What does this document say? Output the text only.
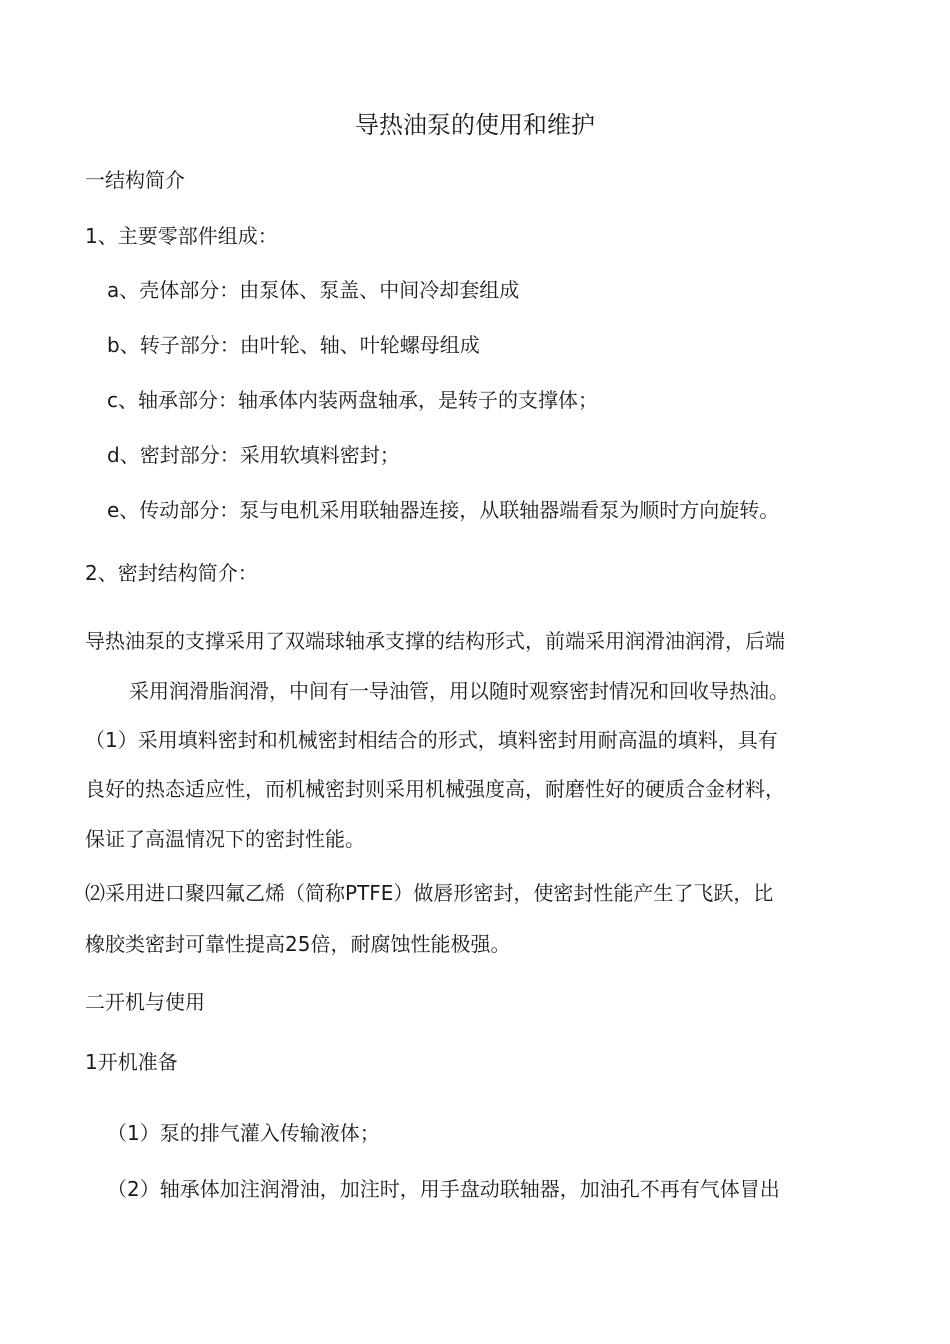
导热油泵的使用和维护
一结构简介
1、主要零部件组成：
a、壳体部分：由泵体、泵盖、中间冷却套组成
b、转子部分：由叶轮、轴、叶轮螺母组成
c、轴承部分：轴承体内装两盘轴承，是转子的支撑体；
d、密封部分：采用软填料密封；
e、传动部分：泵与电机采用联轴器连接，从联轴器端看泵为顺时方向旋转。
2、密封结构简介：
导热油泵的支撑采用了双端球轴承支撑的结构形式，前端采用润滑油润滑，后端
采用润滑脂润滑，中间有一导油管，用以随时观察密封情况和回收导热油。
（1）采用填料密封和机械密封相结合的形式，填料密封用耐高温的填料，具有
良好的热态适应性，而机械密封则采用机械强度高，耐磨性好的硬质合金材料，
保证了高温情况下的密封性能。
⑵采用进口聚四氟乙烯（简称PTFE）做唇形密封，使密封性能产生了飞跃，比
橡胶类密封可靠性提高25倍，耐腐蚀性能极强。
二开机与使用
1开机准备
（1）泵的排气灌入传输液体；
（2）轴承体加注润滑油，加注时，用手盘动联轴器，加油孔不再有气体冒出
